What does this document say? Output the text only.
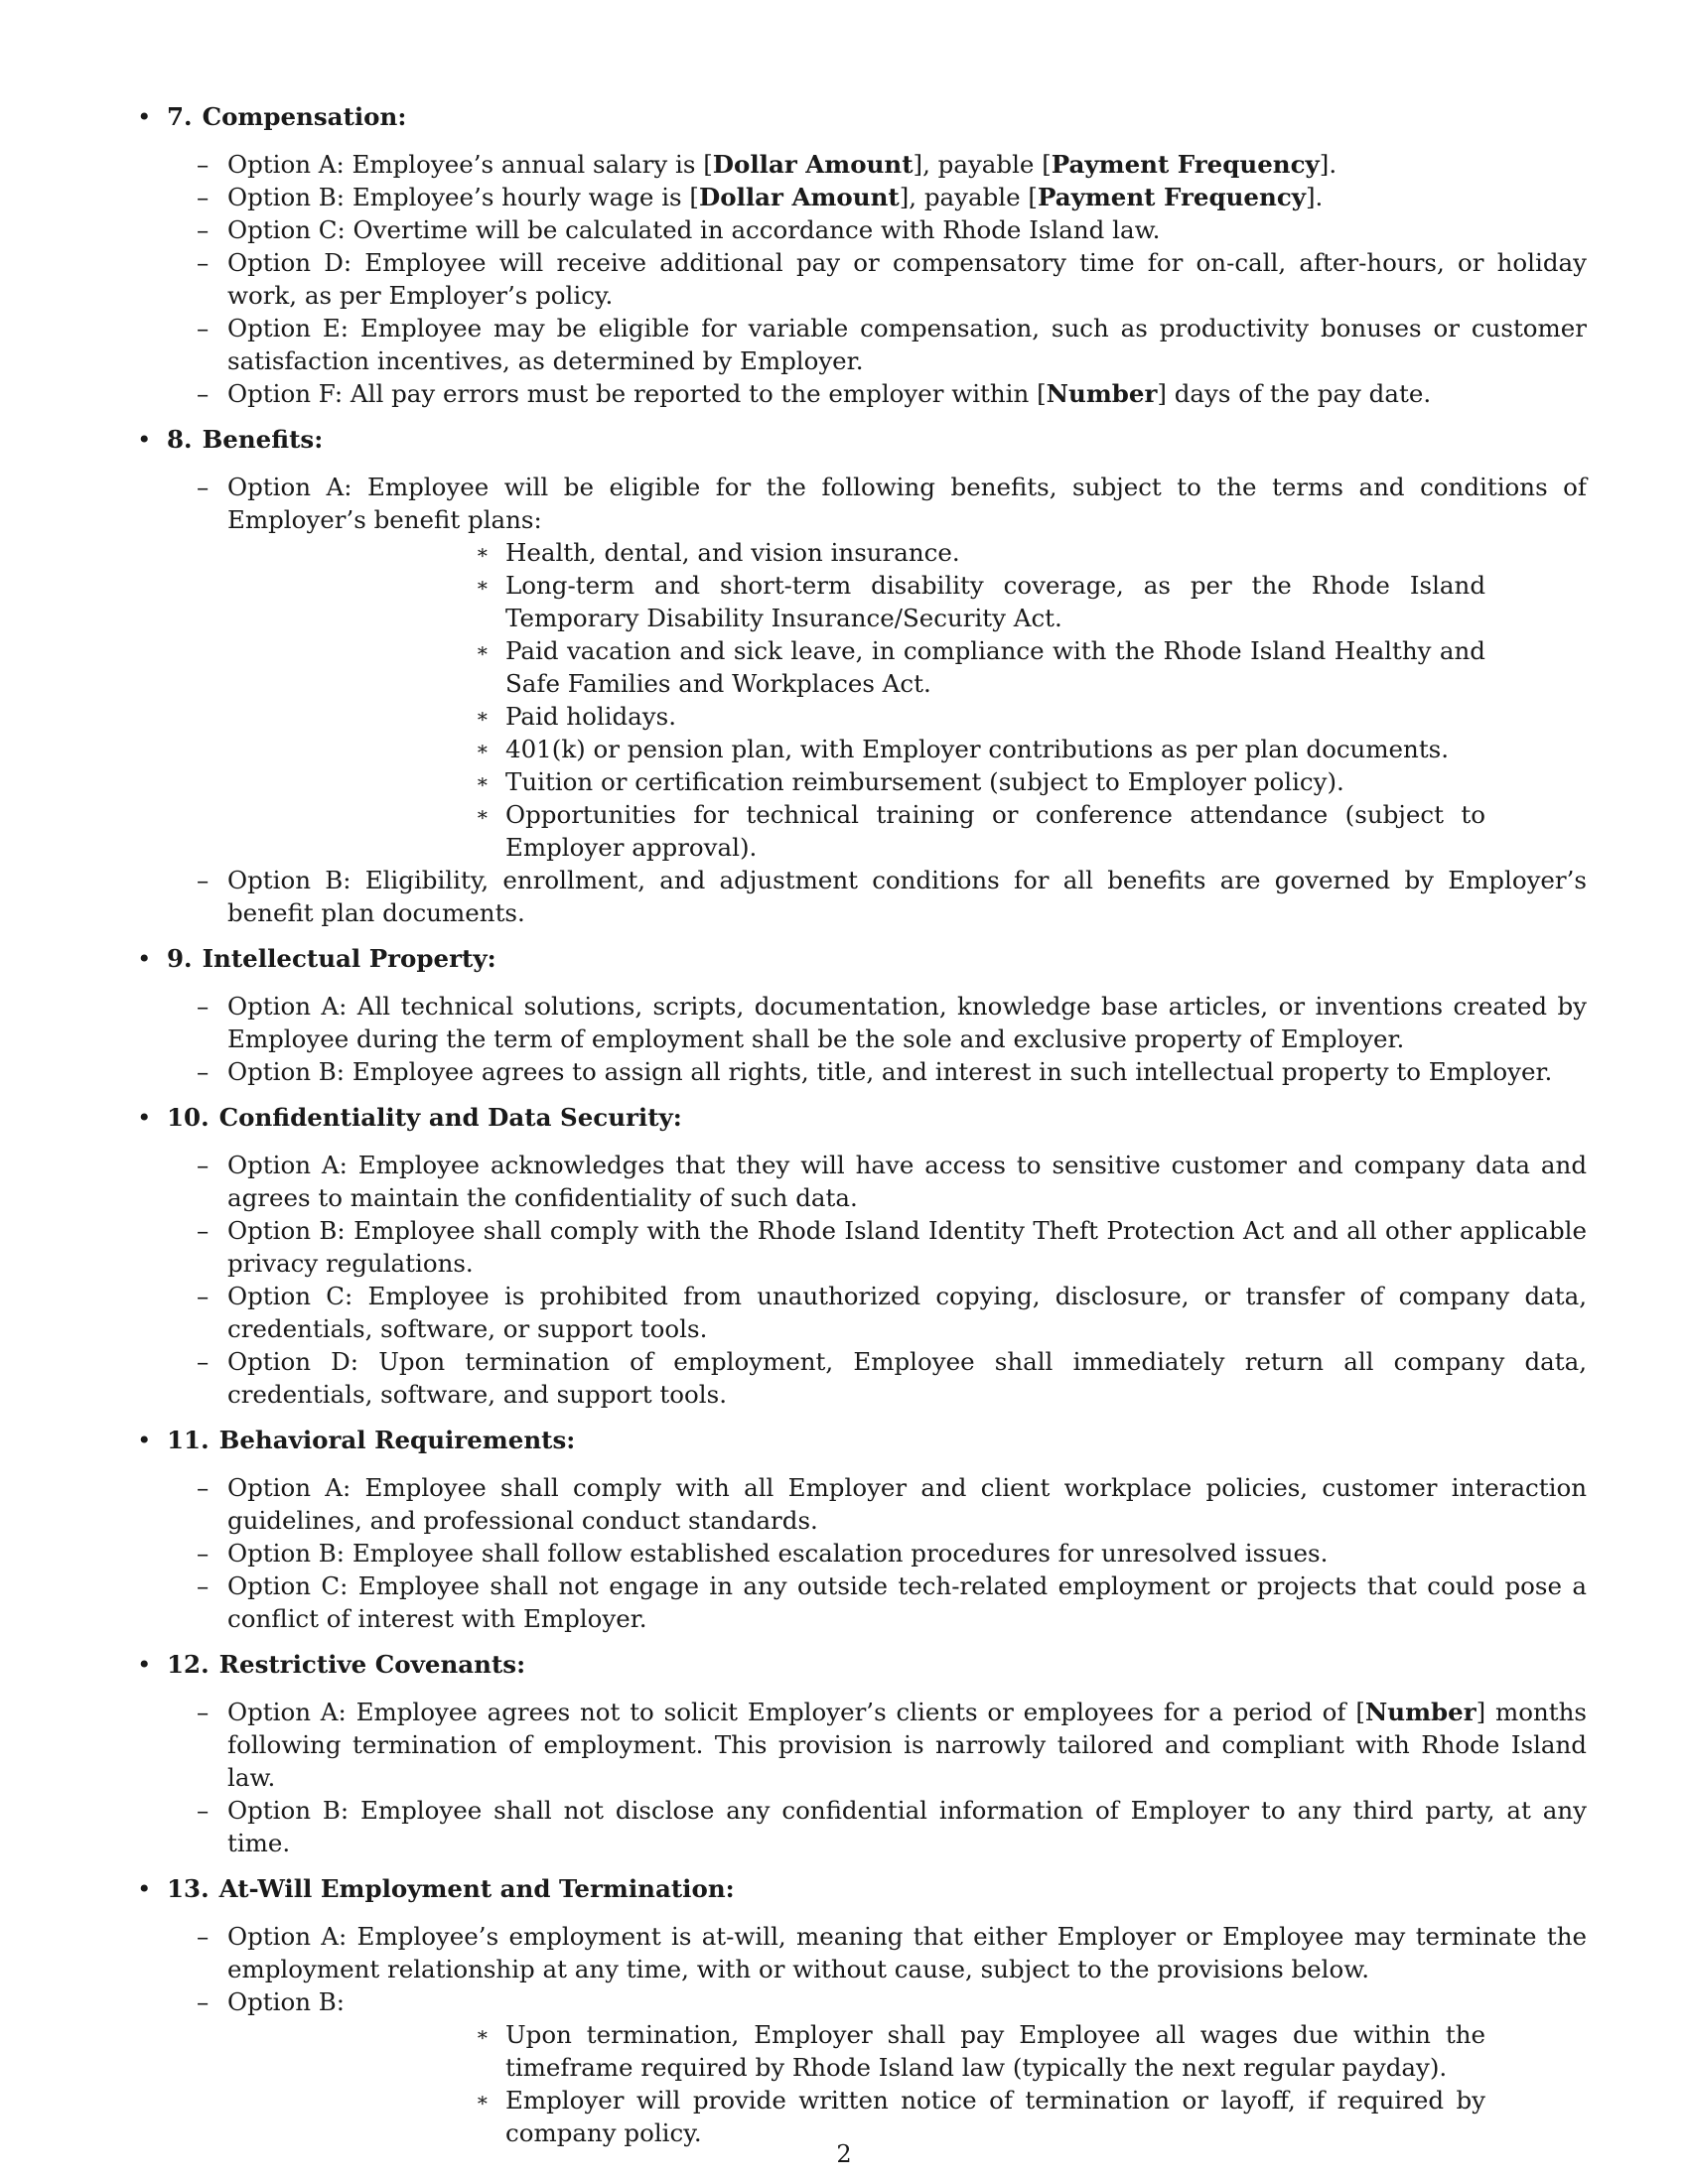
• 7. Compensation:
– Option A: Employee’s annual salary is [Dollar Amount], payable [Payment Frequency].
– Option B: Employee’s hourly wage is [Dollar Amount], payable [Payment Frequency].
– Option C: Overtime will be calculated in accordance with Rhode Island law.
– Option D: Employee will receive additional pay or compensatory time for on-call, after-hours, or holiday work, as per Employer’s policy.
– Option E: Employee may be eligible for variable compensation, such as productivity bonuses or customer satisfaction incentives, as determined by Employer.
– Option F: All pay errors must be reported to the employer within [Number] days of the pay date.
• 8. Benefits:
– Option A: Employee will be eligible for the following benefits, subject to the terms and conditions of Employer’s benefit plans:
∗ Health, dental, and vision insurance.
∗ Long-term and short-term disability coverage, as per the Rhode Island Temporary Disability Insurance/Security Act.
∗ Paid vacation and sick leave, in compliance with the Rhode Island Healthy and Safe Families and Workplaces Act.
∗ Paid holidays.
∗ 401(k) or pension plan, with Employer contributions as per plan documents.
∗ Tuition or certification reimbursement (subject to Employer policy).
∗ Opportunities for technical training or conference attendance (subject to Employer approval).
– Option B: Eligibility, enrollment, and adjustment conditions for all benefits are governed by Employer’s benefit plan documents.
• 9. Intellectual Property:
– Option A: All technical solutions, scripts, documentation, knowledge base articles, or inventions created by Employee during the term of employment shall be the sole and exclusive property of Employer.
– Option B: Employee agrees to assign all rights, title, and interest in such intellectual property to Employer.
• 10. Confidentiality and Data Security:
– Option A: Employee acknowledges that they will have access to sensitive customer and company data and agrees to maintain the confidentiality of such data.
– Option B: Employee shall comply with the Rhode Island Identity Theft Protection Act and all other applicable privacy regulations.
– Option C: Employee is prohibited from unauthorized copying, disclosure, or transfer of company data, credentials, software, or support tools.
– Option D: Upon termination of employment, Employee shall immediately return all company data, credentials, software, and support tools.
• 11. Behavioral Requirements:
– Option A: Employee shall comply with all Employer and client workplace policies, customer interaction guidelines, and professional conduct standards.
– Option B: Employee shall follow established escalation procedures for unresolved issues.
– Option C: Employee shall not engage in any outside tech-related employment or projects that could pose a conflict of interest with Employer.
• 12. Restrictive Covenants:
– Option A: Employee agrees not to solicit Employer’s clients or employees for a period of [Number] months following termination of employment. This provision is narrowly tailored and compliant with Rhode Island law.
– Option B: Employee shall not disclose any confidential information of Employer to any third party, at any time.
• 13. At-Will Employment and Termination:
– Option A: Employee’s employment is at-will, meaning that either Employer or Employee may terminate the employment relationship at any time, with or without cause, subject to the provisions below.
– Option B:
∗ Upon termination, Employer shall pay Employee all wages due within the timeframe required by Rhode Island law (typically the next regular payday).
∗ Employer will provide written notice of termination or layoff, if required by company policy.
2
